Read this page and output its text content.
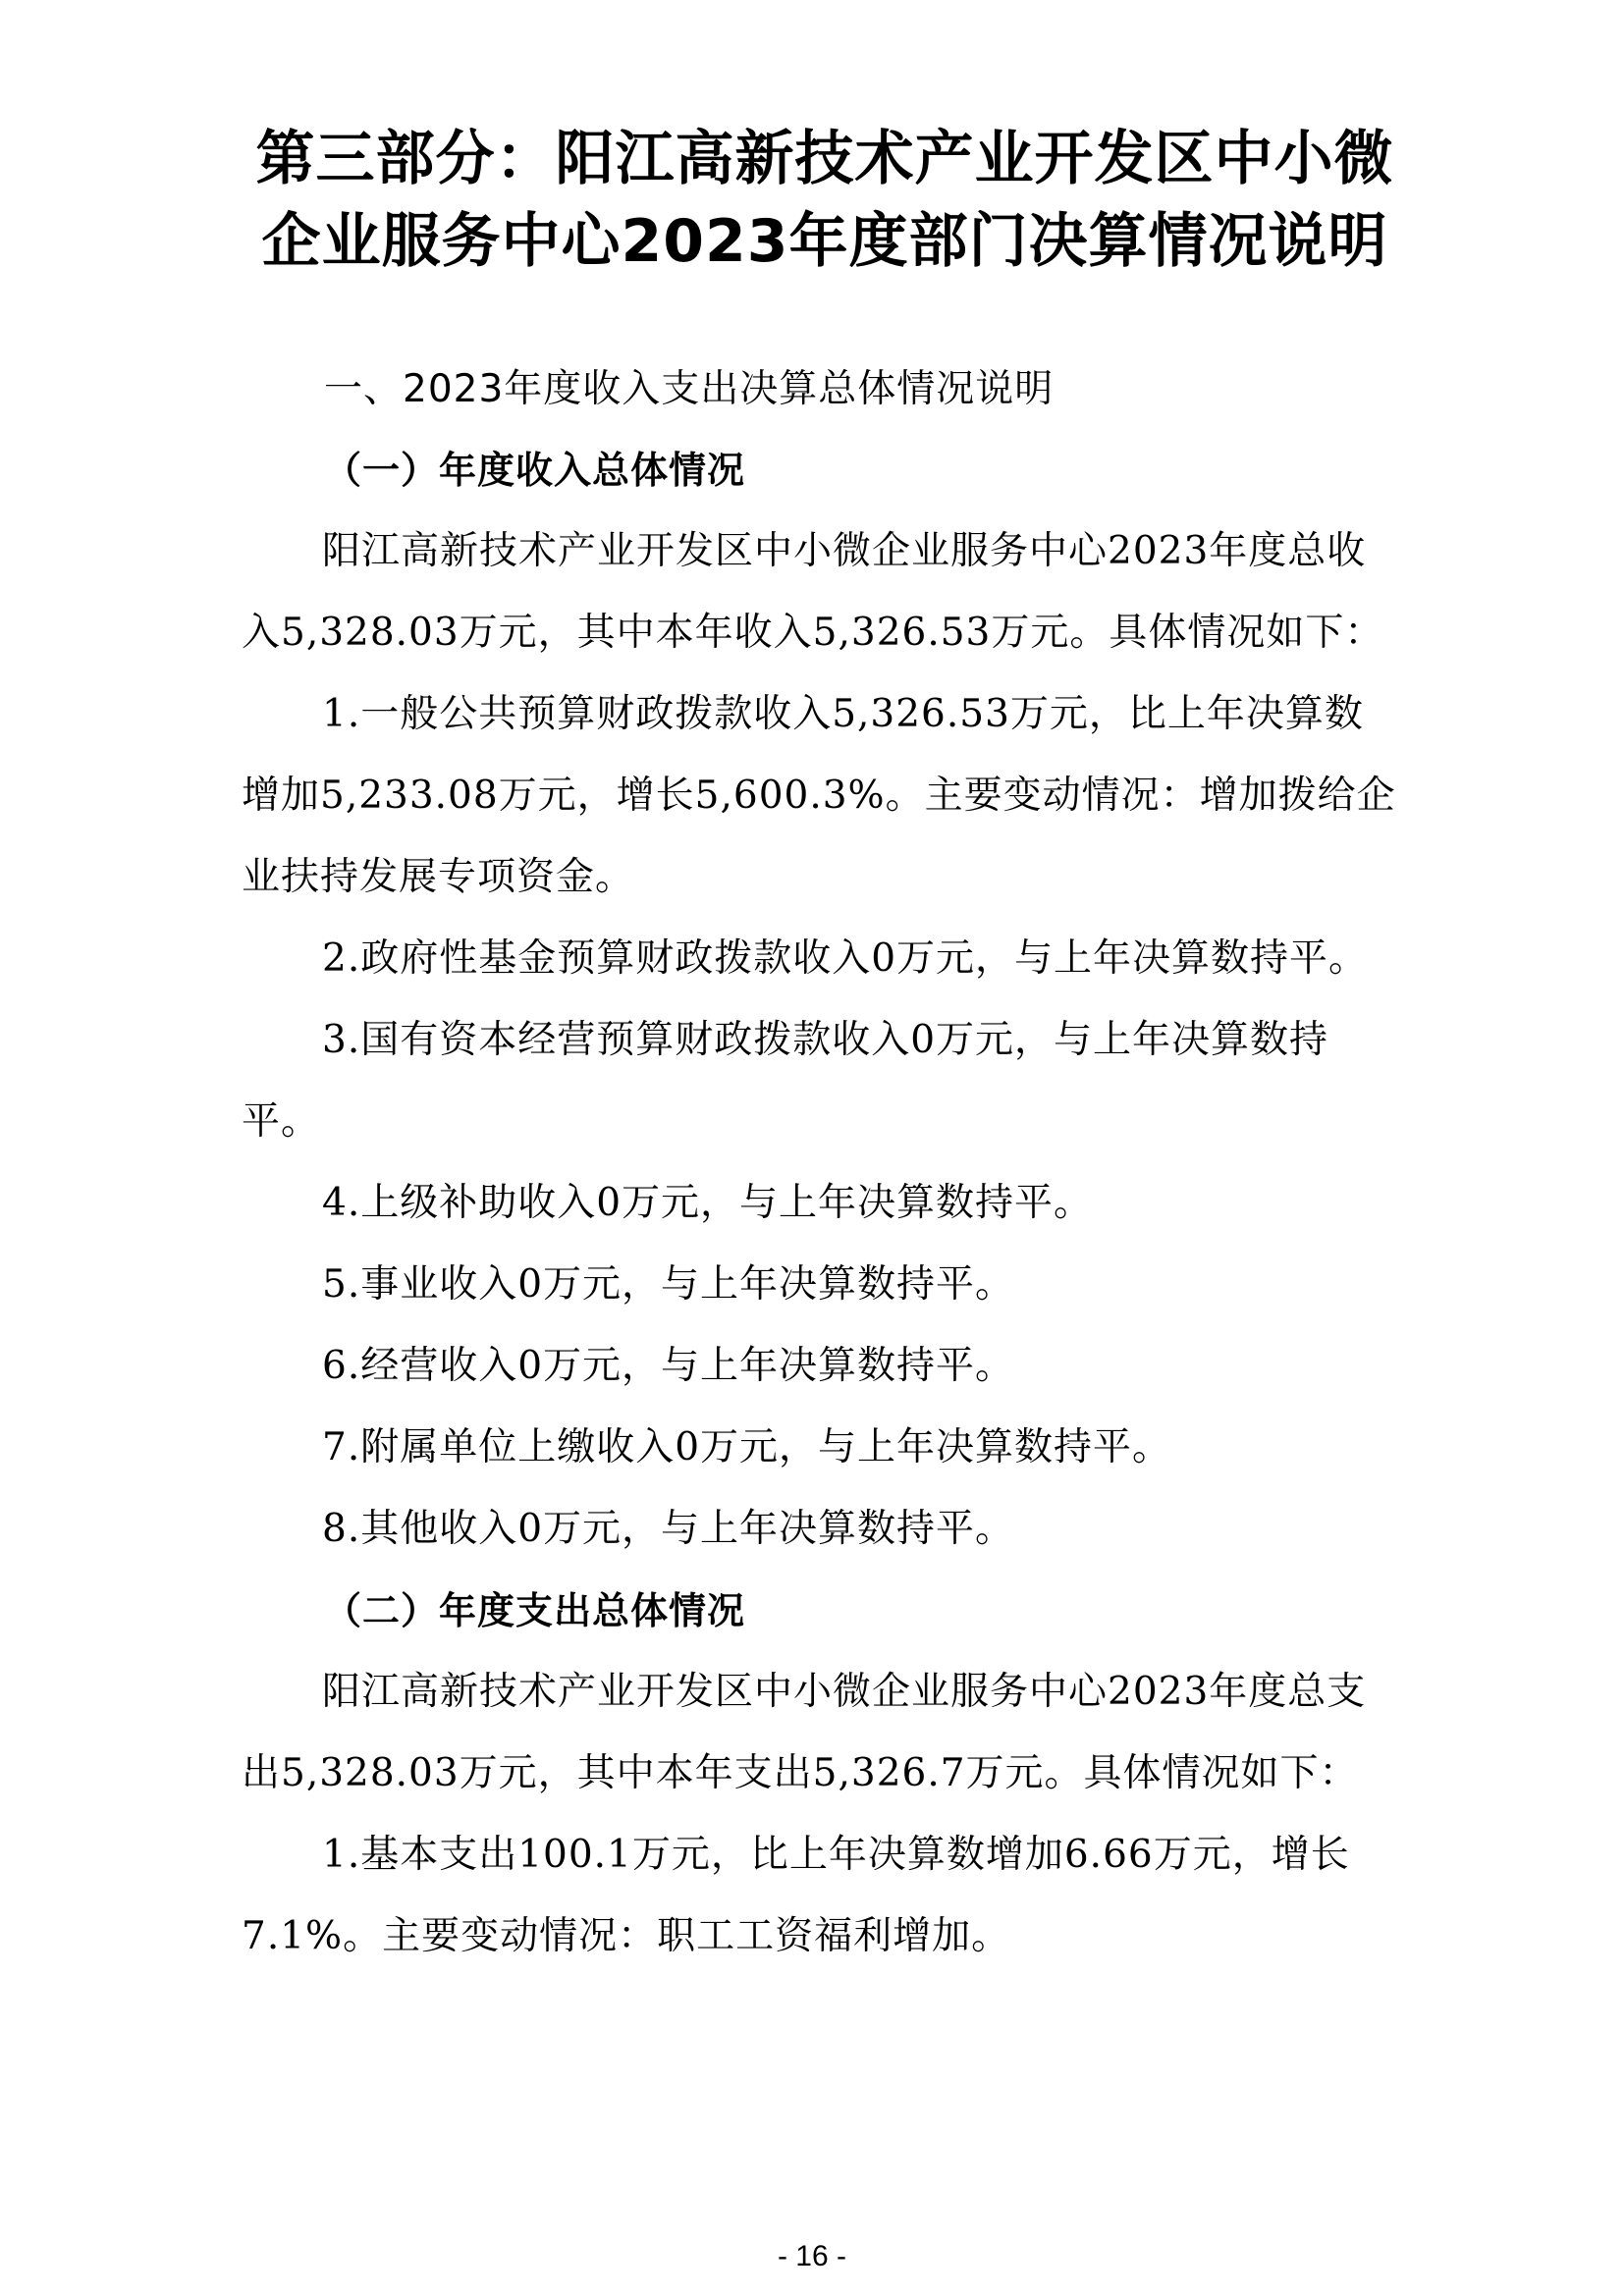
第三部分：阳江高新技术产业开发区中小微
企业服务中心2023年度部门决算情况说明
一、2023年度收入支出决算总体情况说明
（一）年度收入总体情况
阳江高新技术产业开发区中小微企业服务中心2023年度总收
入5,328.03万元，其中本年收入5,326.53万元。具体情况如下：
1.一般公共预算财政拨款收入5,326.53万元，比上年决算数
增加5,233.08万元，增长5,600.3%。主要变动情况：增加拨给企
业扶持发展专项资金。
2.政府性基金预算财政拨款收入0万元，与上年决算数持平。
3.国有资本经营预算财政拨款收入0万元，与上年决算数持
平。
4.上级补助收入0万元，与上年决算数持平。
5.事业收入0万元，与上年决算数持平。
6.经营收入0万元，与上年决算数持平。
7.附属单位上缴收入0万元，与上年决算数持平。
8.其他收入0万元，与上年决算数持平。
（二）年度支出总体情况
阳江高新技术产业开发区中小微企业服务中心2023年度总支
出5,328.03万元，其中本年支出5,326.7万元。具体情况如下：
1.基本支出100.1万元，比上年决算数增加6.66万元，增长
7.1%。主要变动情况：职工工资福利增加。
- 16 -
